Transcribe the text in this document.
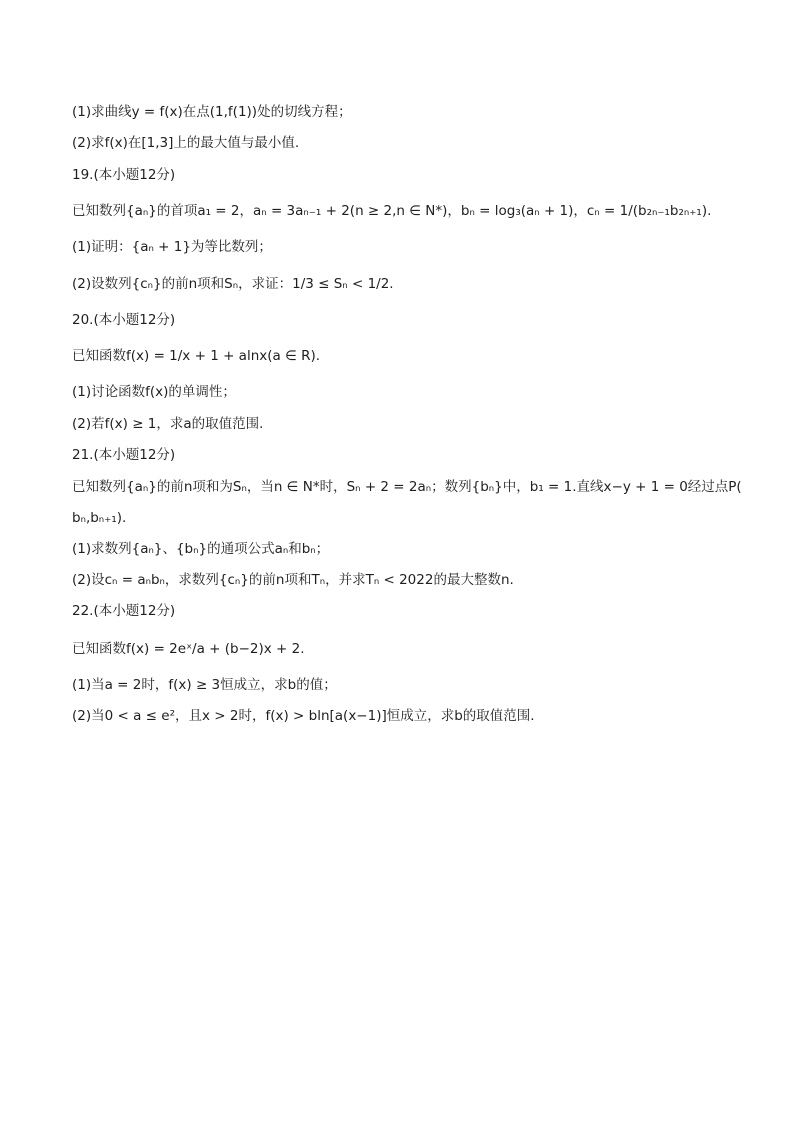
(1)求曲线y = f(x)在点(1,f(1))处的切线方程；
(2)求f(x)在[1,3]上的最大值与最小值.
19.(本小题12分)
已知数列{aₙ}的首项a₁ = 2，aₙ = 3aₙ₋₁ + 2(n ≥ 2,n ∈ N*)，bₙ = log₃(aₙ + 1)，cₙ = 1/(b₂ₙ₋₁b₂ₙ₊₁).
(1)证明：{aₙ + 1}为等比数列；
(2)设数列{cₙ}的前n项和Sₙ，求证：1/3 ≤ Sₙ < 1/2.
20.(本小题12分)
已知函数f(x) = 1/x + 1 + alnx(a ∈ R).
(1)讨论函数f(x)的单调性；
(2)若f(x) ≥ 1，求a的取值范围.
21.(本小题12分)
已知数列{aₙ}的前n项和为Sₙ，当n ∈ N*时，Sₙ + 2 = 2aₙ；数列{bₙ}中，b₁ = 1.直线x−y + 1 = 0经过点P(
bₙ,bₙ₊₁).
(1)求数列{aₙ}、{bₙ}的通项公式aₙ和bₙ；
(2)设cₙ = aₙbₙ，求数列{cₙ}的前n项和Tₙ，并求Tₙ < 2022的最大整数n.
22.(本小题12分)
已知函数f(x) = 2eˣ/a + (b−2)x + 2.
(1)当a = 2时，f(x) ≥ 3恒成立，求b的值；
(2)当0 < a ≤ e²，且x > 2时，f(x) > bln[a(x−1)]恒成立，求b的取值范围.
